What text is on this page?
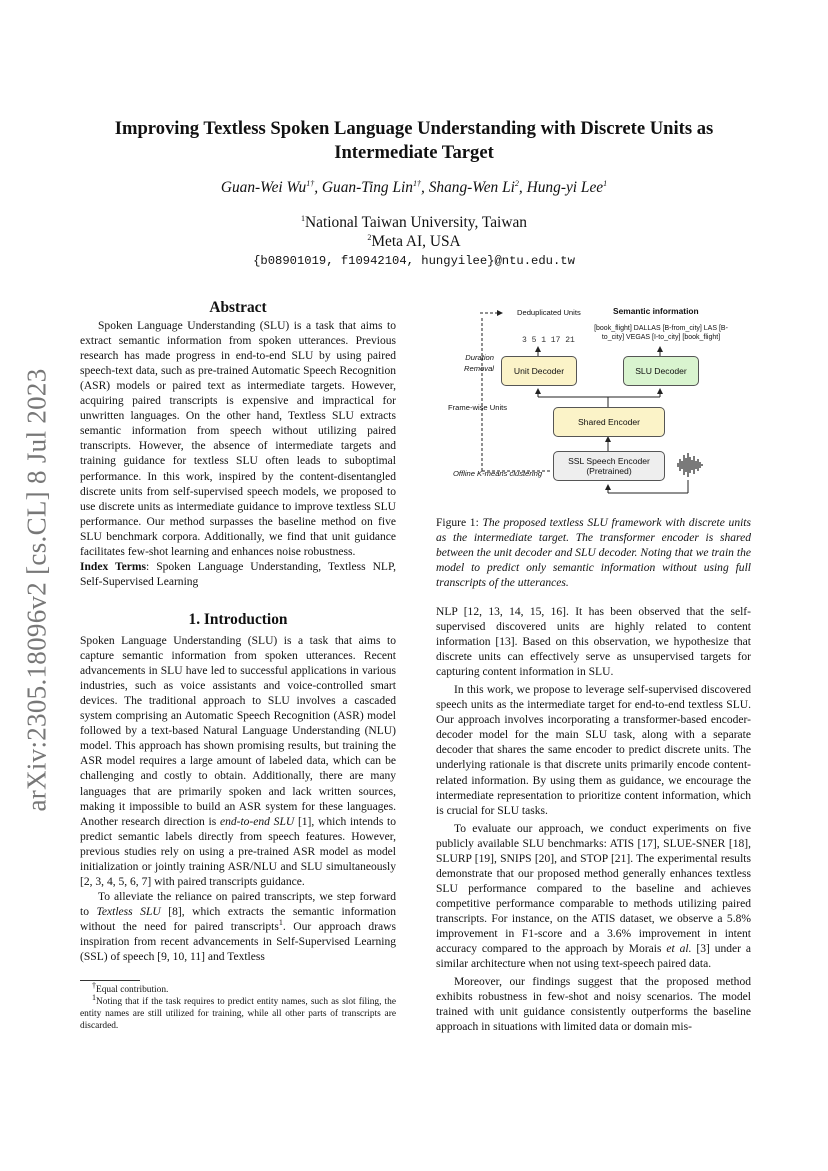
arXiv:2305.18096v2 [cs.CL] 8 Jul 2023
Improving Textless Spoken Language Understanding with Discrete Units as
Intermediate Target
Guan-Wei $Wu^{1\dagger}$, Guan-Ting Lin$^{1\dagger}$, Shang-Wen Li$^2$, Hung-yi Lee$^1$
$^1$National Taiwan University, Taiwan
$^2$Meta AI, USA
{b08901019, f10942104, hungyilee}@ntu.edu.tw
Abstract

Spoken Language Understanding (SLU) is a task that aims to extract semantic information from spoken utterances. Previous research has made progress in end-to-end SLU by using paired speech-text data, such as pre-trained Automatic Speech Recognition (ASR) models or paired text as intermediate targets. However, acquiring paired transcripts is expensive and impractical for unwritten languages. On the other hand, Textless SLU extracts semantic information from speech without utilizing paired transcripts. However, the absence of intermediate targets and training guidance for textless SLU often leads to suboptimal performance. In this work, inspired by the content-disentangled discrete units from self-supervised speech models, we proposed to use discrete units as intermediate guidance to improve textless SLU performance. Our method surpasses the baseline method on five SLU benchmark corpora. Additionally, we find that unit guidance facilitates few-shot learning and enhances noise robustness.

Index Terms: Spoken Language Understanding, Textless NLP, Self-Supervised Learning

1. Introduction

Spoken Language Understanding (SLU) is a task that aims to capture semantic information from spoken utterances. Recent advancements in SLU have led to successful applications in various industries, such as voice assistants and voice-controlled smart devices. The traditional approach to SLU involves a cascaded system comprising an Automatic Speech Recognition (ASR) model followed by a text-based Natural Language Understanding (NLU) model. This approach has shown promising results, but training the ASR model requires a large amount of labeled data, which can be challenging and costly to obtain. Additionally, there are many languages that are primarily spoken and lack written sources, making it impossible to build an ASR system for these languages. Another research direction is end-to-end SLU [1], which intends to predict semantic labels directly from speech features. However, previous studies rely on using a pre-trained ASR model as model initialization or jointly training ASR/NLU and SLU simultaneously [2, 3, 4, 5, 6, 7] with paired transcripts guidance.

To alleviate the reliance on paired transcripts, we step forward to Textless SLU [8], which extracts the semantic information without the need for paired transcripts$^1$. Our approach draws inspiration from recent advancements in Self-Supervised Learning (SSL) of speech [9, 10, 11] and Textless

†Equal contribution.
$^1$Noting that if the task requires to predict entity names, such as slot filing, the entity names are still utilized for training, while all other parts of transcripts are discarded.
Deduplicated Units	Semantic information
3 5 1 17 21
[book_flight] DALLAS [B-from_city] LAS [B-to_city] VEGAS [I-to_city] [book_flight]
Duration Removal	Unit Decoder	SLU Decoder
Frame-wise Units
Shared Encoder
SSL Speech Encoder (Pretrained)
Offline K-means clustering
Figure 1: The proposed textless SLU framework with discrete units as the intermediate target. The transformer encoder is shared between the unit decoder and SLU decoder. Noting that we train the model to predict only semantic information without using full transcripts of the utterances.

NLP [12, 13, 14, 15, 16]. It has been observed that the self-supervised discovered units are highly related to content information [13]. Based on this observation, we hypothesize that discrete units can effectively serve as unsupervised targets for capturing content information in SLU.

In this work, we propose to leverage self-supervised discovered speech units as the intermediate target for end-to-end textless SLU. Our approach involves incorporating a transformer-based encoder-decoder model for the main SLU task, along with a separate decoder that shares the same encoder to predict discrete units. The underlying rationale is that discrete units primarily encode content-related information. By using them as guidance, we encourage the intermediate representation to prioritize content information, which is crucial for SLU tasks.

To evaluate our approach, we conduct experiments on five publicly available SLU benchmarks: ATIS [17], SLUE-SNER [18], SLURP [19], SNIPS [20], and STOP [21]. The experimental results demonstrate that our proposed method generally enhances textless SLU performance compared to the baseline and achieves competitive performance comparable to methods utilizing paired transcripts. For instance, on the ATIS dataset, we observe a 5.8% improvement in F1-score and a 3.6% improvement in intent accuracy compared to the approach by Morais et al. [3] under a similar architecture when not using text-speech paired data.

Moreover, our findings suggest that the proposed method exhibits robustness in few-shot and noisy scenarios. The model trained with unit guidance consistently outperforms the baseline approach in situations with limited data or domain mis-
